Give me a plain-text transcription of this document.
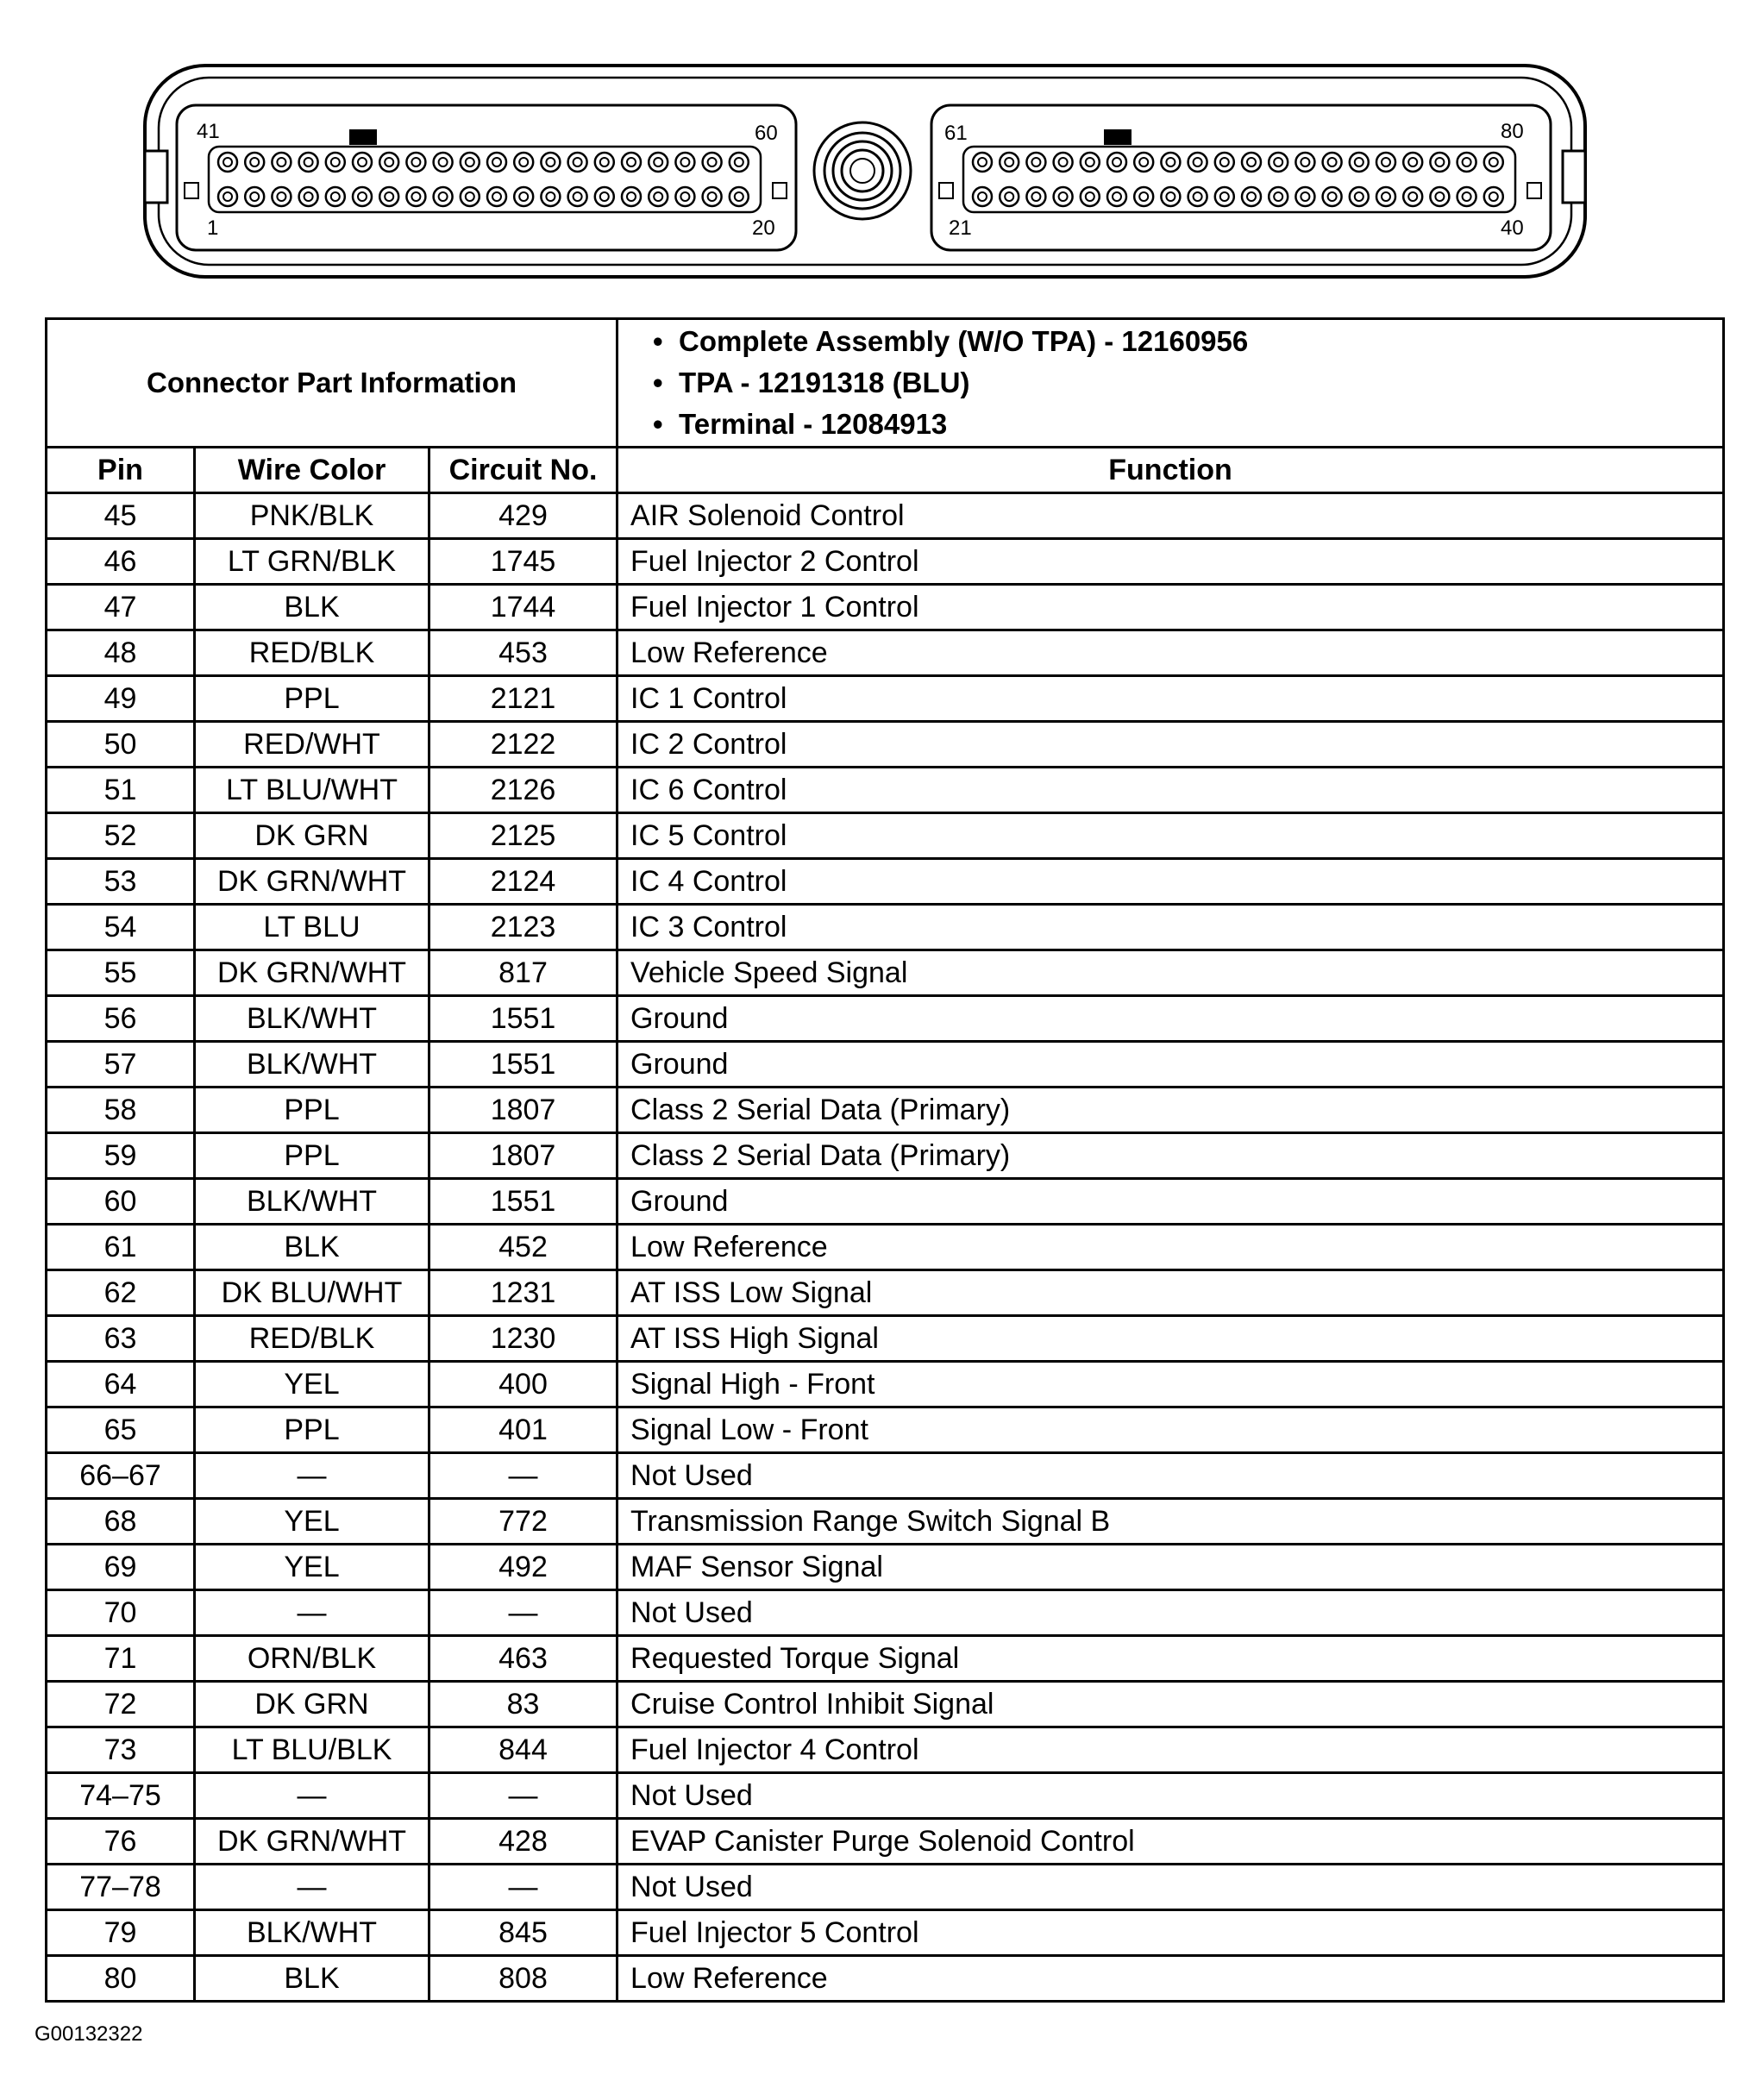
41	60
1	20
61	80
21	40
Connector Part Information			• Complete Assembly (W/O TPA) - 12160956
• TPA - 12191318 (BLU)
• Terminal - 12084913

Pin	Wire Color	Circuit No.	Function
45	PNK/BLK	429	AIR Solenoid Control
46	LT GRN/BLK	1745	Fuel Injector 2 Control
47	BLK	1744	Fuel Injector 1 Control
48	RED/BLK	453	Low Reference
49	PPL	2121	IC 1 Control
50	RED/WHT	2122	IC 2 Control
51	LT BLU/WHT	2126	IC 6 Control
52	DK GRN	2125	IC 5 Control
53	DK GRN/WHT	2124	IC 4 Control
54	LT BLU	2123	IC 3 Control
55	DK GRN/WHT	817	Vehicle Speed Signal
56	BLK/WHT	1551	Ground
57	BLK/WHT	1551	Ground
58	PPL	1807	Class 2 Serial Data (Primary)
59	PPL	1807	Class 2 Serial Data (Primary)
60	BLK/WHT	1551	Ground
61	BLK	452	Low Reference
62	DK BLU/WHT	1231	AT ISS Low Signal
63	RED/BLK	1230	AT ISS High Signal
64	YEL	400	Signal High - Front
65	PPL	401	Signal Low - Front
66–67	—	—	Not Used
68	YEL	772	Transmission Range Switch Signal B
69	YEL	492	MAF Sensor Signal
70	—	—	Not Used
71	ORN/BLK	463	Requested Torque Signal
72	DK GRN	83	Cruise Control Inhibit Signal
73	LT BLU/BLK	844	Fuel Injector 4 Control
74–75	—	—	Not Used
76	DK GRN/WHT	428	EVAP Canister Purge Solenoid Control
77–78	—	—	Not Used
79	BLK/WHT	845	Fuel Injector 5 Control
80	BLK	808	Low Reference
G00132322
